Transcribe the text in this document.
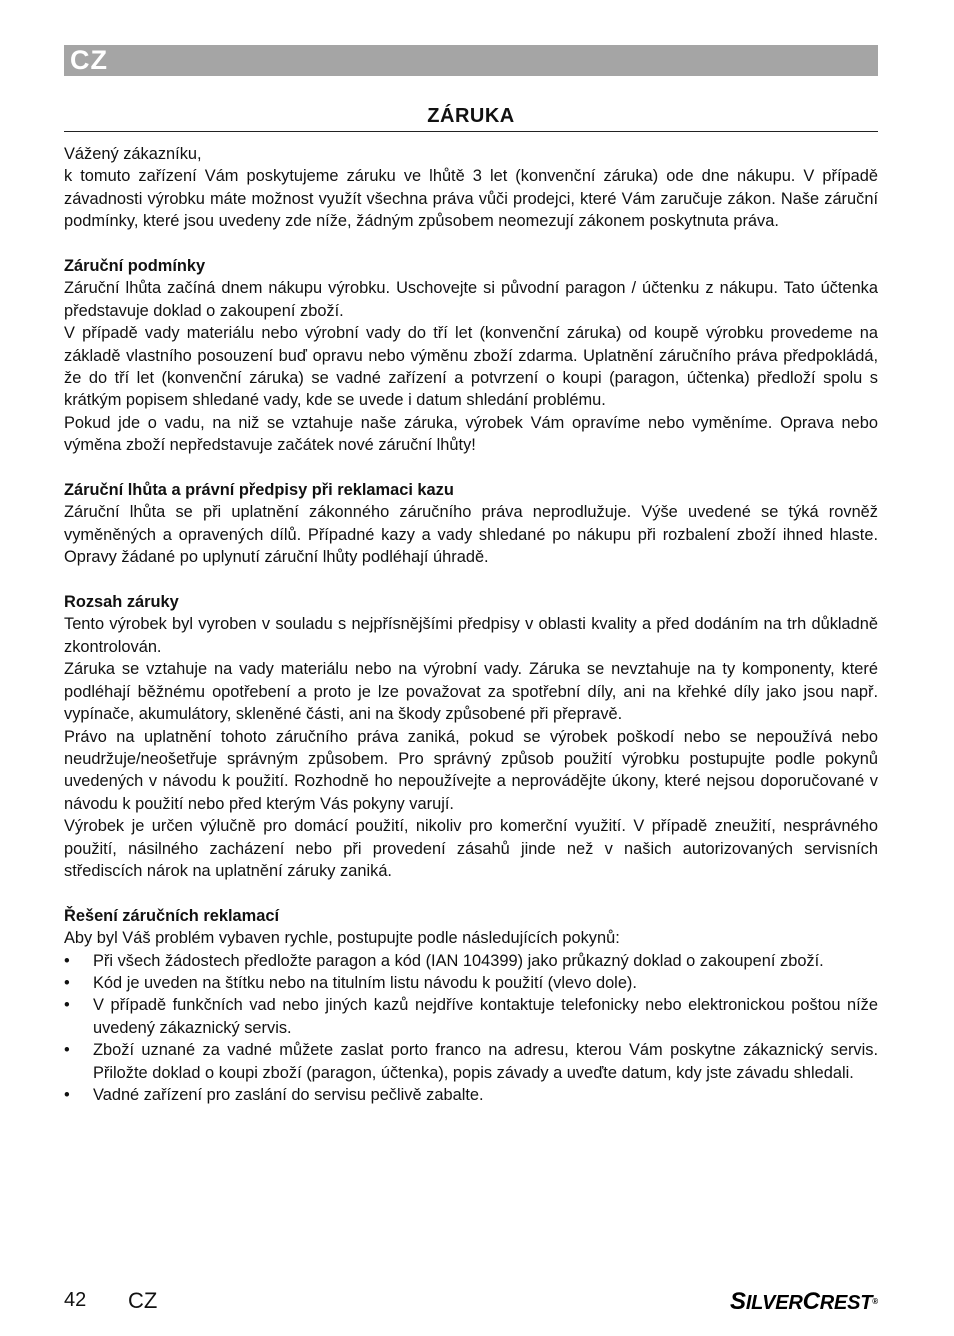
CZ
ZÁRUKA

Vážený zákazníku,

k tomuto zařízení Vám poskytujeme záruku ve lhůtě 3 let (konvenční záruka) ode dne nákupu. V případě závadnosti výrobku máte možnost využít všechna práva vůči prodejci, které Vám zaručuje zákon. Naše záruční podmínky, které jsou uvedeny zde níže, žádným způsobem neomezují zákonem poskytnuta práva.

Záruční podmínky

Záruční lhůta začíná dnem nákupu výrobku. Uschovejte si původní paragon / účtenku z nákupu. Tato účtenka představuje doklad o zakoupení zboží.

V případě vady materiálu nebo výrobní vady do tří let (konvenční záruka) od koupě výrobku provedeme na základě vlastního posouzení buď opravu nebo výměnu zboží zdarma. Uplatnění záručního práva předpokládá, že do tří let (konvenční záruka) se vadné zařízení a potvrzení o koupi (paragon, účtenka) předloží spolu s krátkým popisem shledané vady, kde se uvede i datum shledání problému.

Pokud jde o vadu, na niž se vztahuje naše záruka, výrobek Vám opravíme nebo vyměníme. Oprava nebo výměna zboží nepředstavuje začátek nové záruční lhůty!

Záruční lhůta a právní předpisy při reklamaci kazu

Záruční lhůta se při uplatnění zákonného záručního práva neprodlužuje. Výše uvedené se týká rovněž vyměněných a opravených dílů. Případné kazy a vady shledané po nákupu při rozbalení zboží ihned hlaste. Opravy žádané po uplynutí záruční lhůty podléhají úhradě.

Rozsah záruky

Tento výrobek byl vyroben v souladu s nejpřísnějšími předpisy v oblasti kvality a před dodáním na trh důkladně zkontrolován.

Záruka se vztahuje na vady materiálu nebo na výrobní vady. Záruka se nevztahuje na ty komponenty, které podléhají běžnému opotřebení a proto je lze považovat za spotřební díly, ani na křehké díly jako jsou např. vypínače, akumulátory, skleněné části, ani na škody způsobené při přepravě.

Právo na uplatnění tohoto záručního práva zaniká, pokud se výrobek poškodí nebo se nepoužívá nebo neudržuje/neošetřuje správným způsobem. Pro správný způsob použití výrobku postupujte podle pokynů uvedených v návodu k použití. Rozhodně ho nepoužívejte a neprovádějte úkony, které nejsou doporučované v návodu k použití nebo před kterým Vás pokyny varují.

Výrobek je určen výlučně pro domácí použití, nikoliv pro komerční využití. V případě zneužití, nesprávného použití, násilného zacházení nebo při provedení zásahů jinde než v našich autorizovaných servisních střediscích nárok na uplatnění záruky zaniká.

Řešení záručních reklamací

Aby byl Váš problém vybaven rychle, postupujte podle následujících pokynů:

• Při všech žádostech předložte paragon a kód (IAN 104399) jako průkazný doklad o zakoupení zboží.
• Kód je uveden na štítku nebo na titulním listu návodu k použití (vlevo dole).
• V případě funkčních vad nebo jiných kazů nejdříve kontaktuje telefonicky nebo elektronickou poštou níže uvedený zákaznický servis.
• Zboží uznané za vadné můžete zaslat porto franco na adresu, kterou Vám poskytne zákaznický servis. Přiložte doklad o koupi zboží (paragon, účtenka), popis závady a uveďte datum, kdy jste závadu shledali.
• Vadné zařízení pro zaslání do servisu pečlivě zabalte.
42 CZ	SILVERCREST®
